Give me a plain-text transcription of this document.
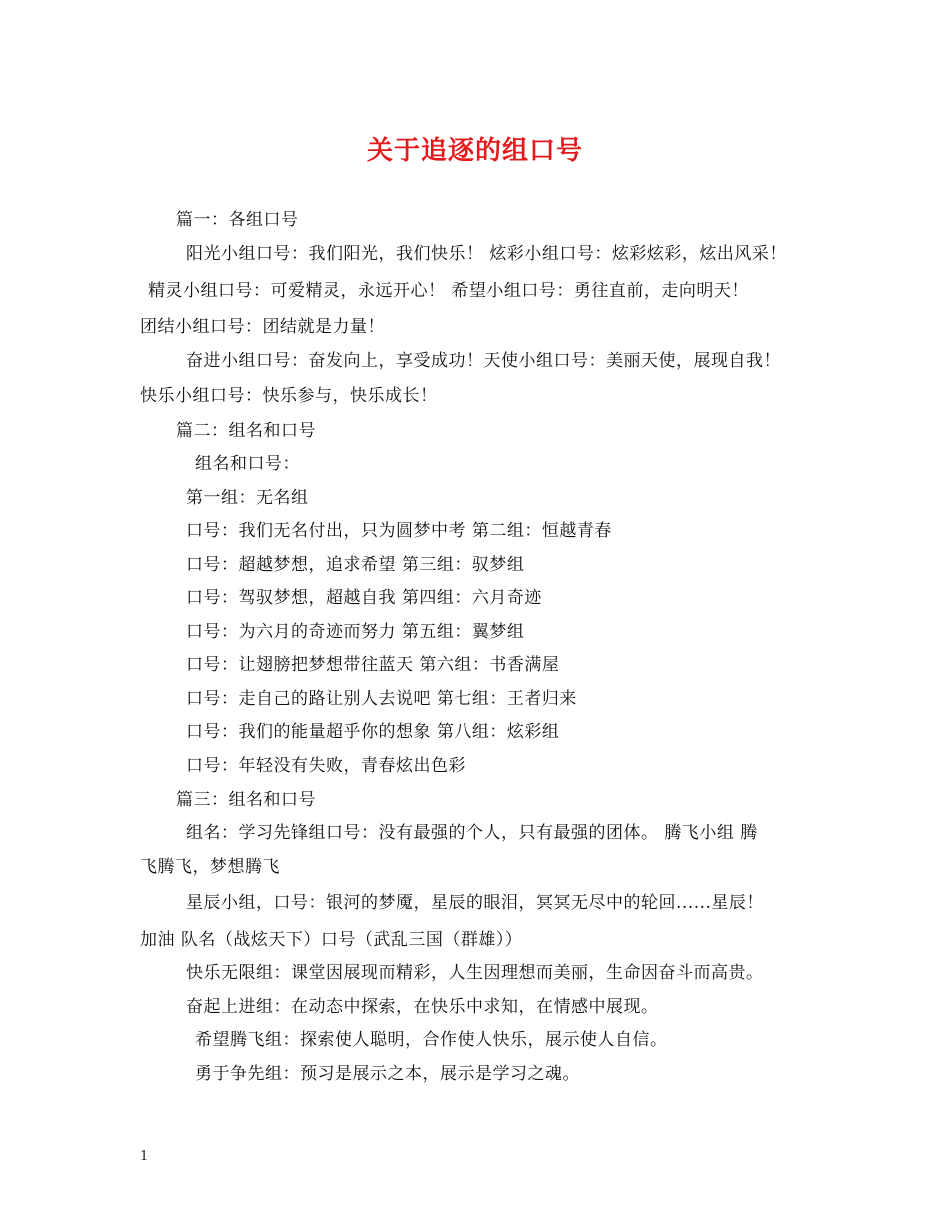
关于追逐的组口号
篇一：各组口号
阳光小组口号：我们阳光，我们快乐！ 炫彩小组口号：炫彩炫彩，炫出风采！
精灵小组口号：可爱精灵，永远开心！ 希望小组口号：勇往直前，走向明天！
团结小组口号：团结就是力量！
奋进小组口号：奋发向上，享受成功！天使小组口号：美丽天使，展现自我！
快乐小组口号：快乐参与，快乐成长！
篇二：组名和口号
组名和口号：
第一组：无名组
口号：我们无名付出，只为圆梦中考 第二组：恒越青春
口号：超越梦想，追求希望 第三组：驭梦组
口号：驾驭梦想，超越自我 第四组：六月奇迹
口号：为六月的奇迹而努力 第五组：翼梦组
口号：让翅膀把梦想带往蓝天 第六组：书香满屋
口号：走自己的路让别人去说吧 第七组：王者归来
口号：我们的能量超乎你的想象 第八组：炫彩组
口号：年轻没有失败，青春炫出色彩
篇三：组名和口号
组名：学习先锋组口号：没有最强的个人，只有最强的团体。 腾飞小组 腾
飞腾飞，梦想腾飞
星辰小组，口号：银河的梦魇，星辰的眼泪，冥冥无尽中的轮回......星辰！
加油 队名（战炫天下）口号（武乱三国（群雄））
快乐无限组：课堂因展现而精彩，人生因理想而美丽，生命因奋斗而高贵。
奋起上进组：在动态中探索，在快乐中求知，在情感中展现。
希望腾飞组：探索使人聪明，合作使人快乐，展示使人自信。
勇于争先组：预习是展示之本，展示是学习之魂。
1
